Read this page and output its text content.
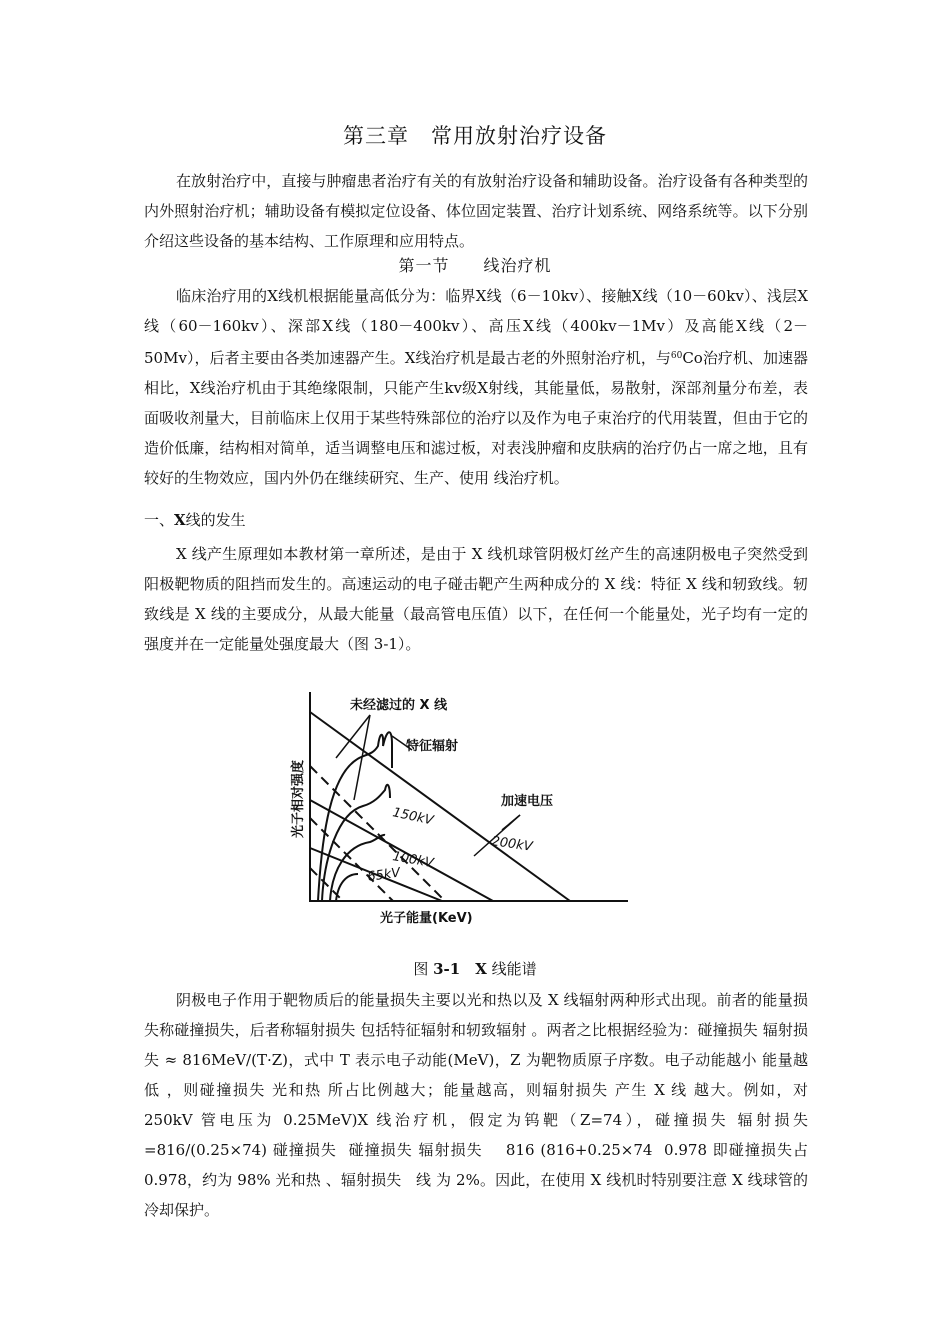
第三章　常用放射治疗设备

在放射治疗中，直接与肿瘤患者治疗有关的有放射治疗设备和辅助设备。治疗设备有各种类型的内外照射治疗机；辅助设备有模拟定位设备、体位固定装置、治疗计划系统、网络系统等。以下分别介绍这些设备的基本结构、工作原理和应用特点。

第一节　　线治疗机

临床治疗用的X线机根据能量高低分为：临界X线（6－10kv）、接触X线（10－60kv）、浅层X线（60－160kv）、深部X线（180－400kv）、高压X线（400kv－1Mv）及高能X线（2－50Mv），后者主要由各类加速器产生。X线治疗机是最古老的外照射治疗机，与$^{60}$Co治疗机、加速器相比，X线治疗机由于其绝缘限制，只能产生kv级X射线，其能量低，易散射，深部剂量分布差，表面吸收剂量大，目前临床上仅用于某些特殊部位的治疗以及作为电子束治疗的代用装置，但由于它的造价低廉，结构相对简单，适当调整电压和滤过板，对表浅肿瘤和皮肤病的治疗仍占一席之地，且有较好的生物效应，国内外仍在继续研究、生产、使用 线治疗机。

一、X线的发生

X 线产生原理如本教材第一章所述，是由于 X 线机球管阴极灯丝产生的高速阴极电子突然受到阳极靶物质的阻挡而发生的。高速运动的电子碰击靶产生两种成分的 X 线：特征 X 线和轫致线。轫致线是 X 线的主要成分，从最大能量（最高管电压值）以下，在任何一个能量处，光子均有一定的强度并在一定能量处强度最大（图 3-1）。

未经滤过的 X 线
特征辐射
加速电压
150kV
200kV
100kV
65kV
光子相对强度
光子能量(KeV)
图 3-1　 X 线能谱

阴极电子作用于靶物质后的能量损失主要以光和热以及 X 线辐射两种形式出现。前者的能量损失称碰撞损失，后者称辐射损失 包括特征辐射和轫致辐射 。两者之比根据经验为：碰撞损失 辐射损失 ≈ 816MeV/(T·Z)，式中 T 表示电子动能(MeV)，Z 为靶物质原子序数。电子动能越小 能量越低 ，则碰撞损失 光和热 所占比例越大；能量越高，则辐射损失 产生 X 线 越大。例如，对 250kV 管电压为 0.25MeV)X 线治疗机，假定为钨靶（Z=74），碰撞损失 辐射损失=816/(0.25×74) 碰撞损失  碰撞损失 辐射损失    816 (816+0.25×74  0.978 即碰撞损失占 0.978，约为 98% 光和热 、辐射损失   线 为 2%。因此，在使用 X 线机时特别要注意 X 线球管的冷却保护。
